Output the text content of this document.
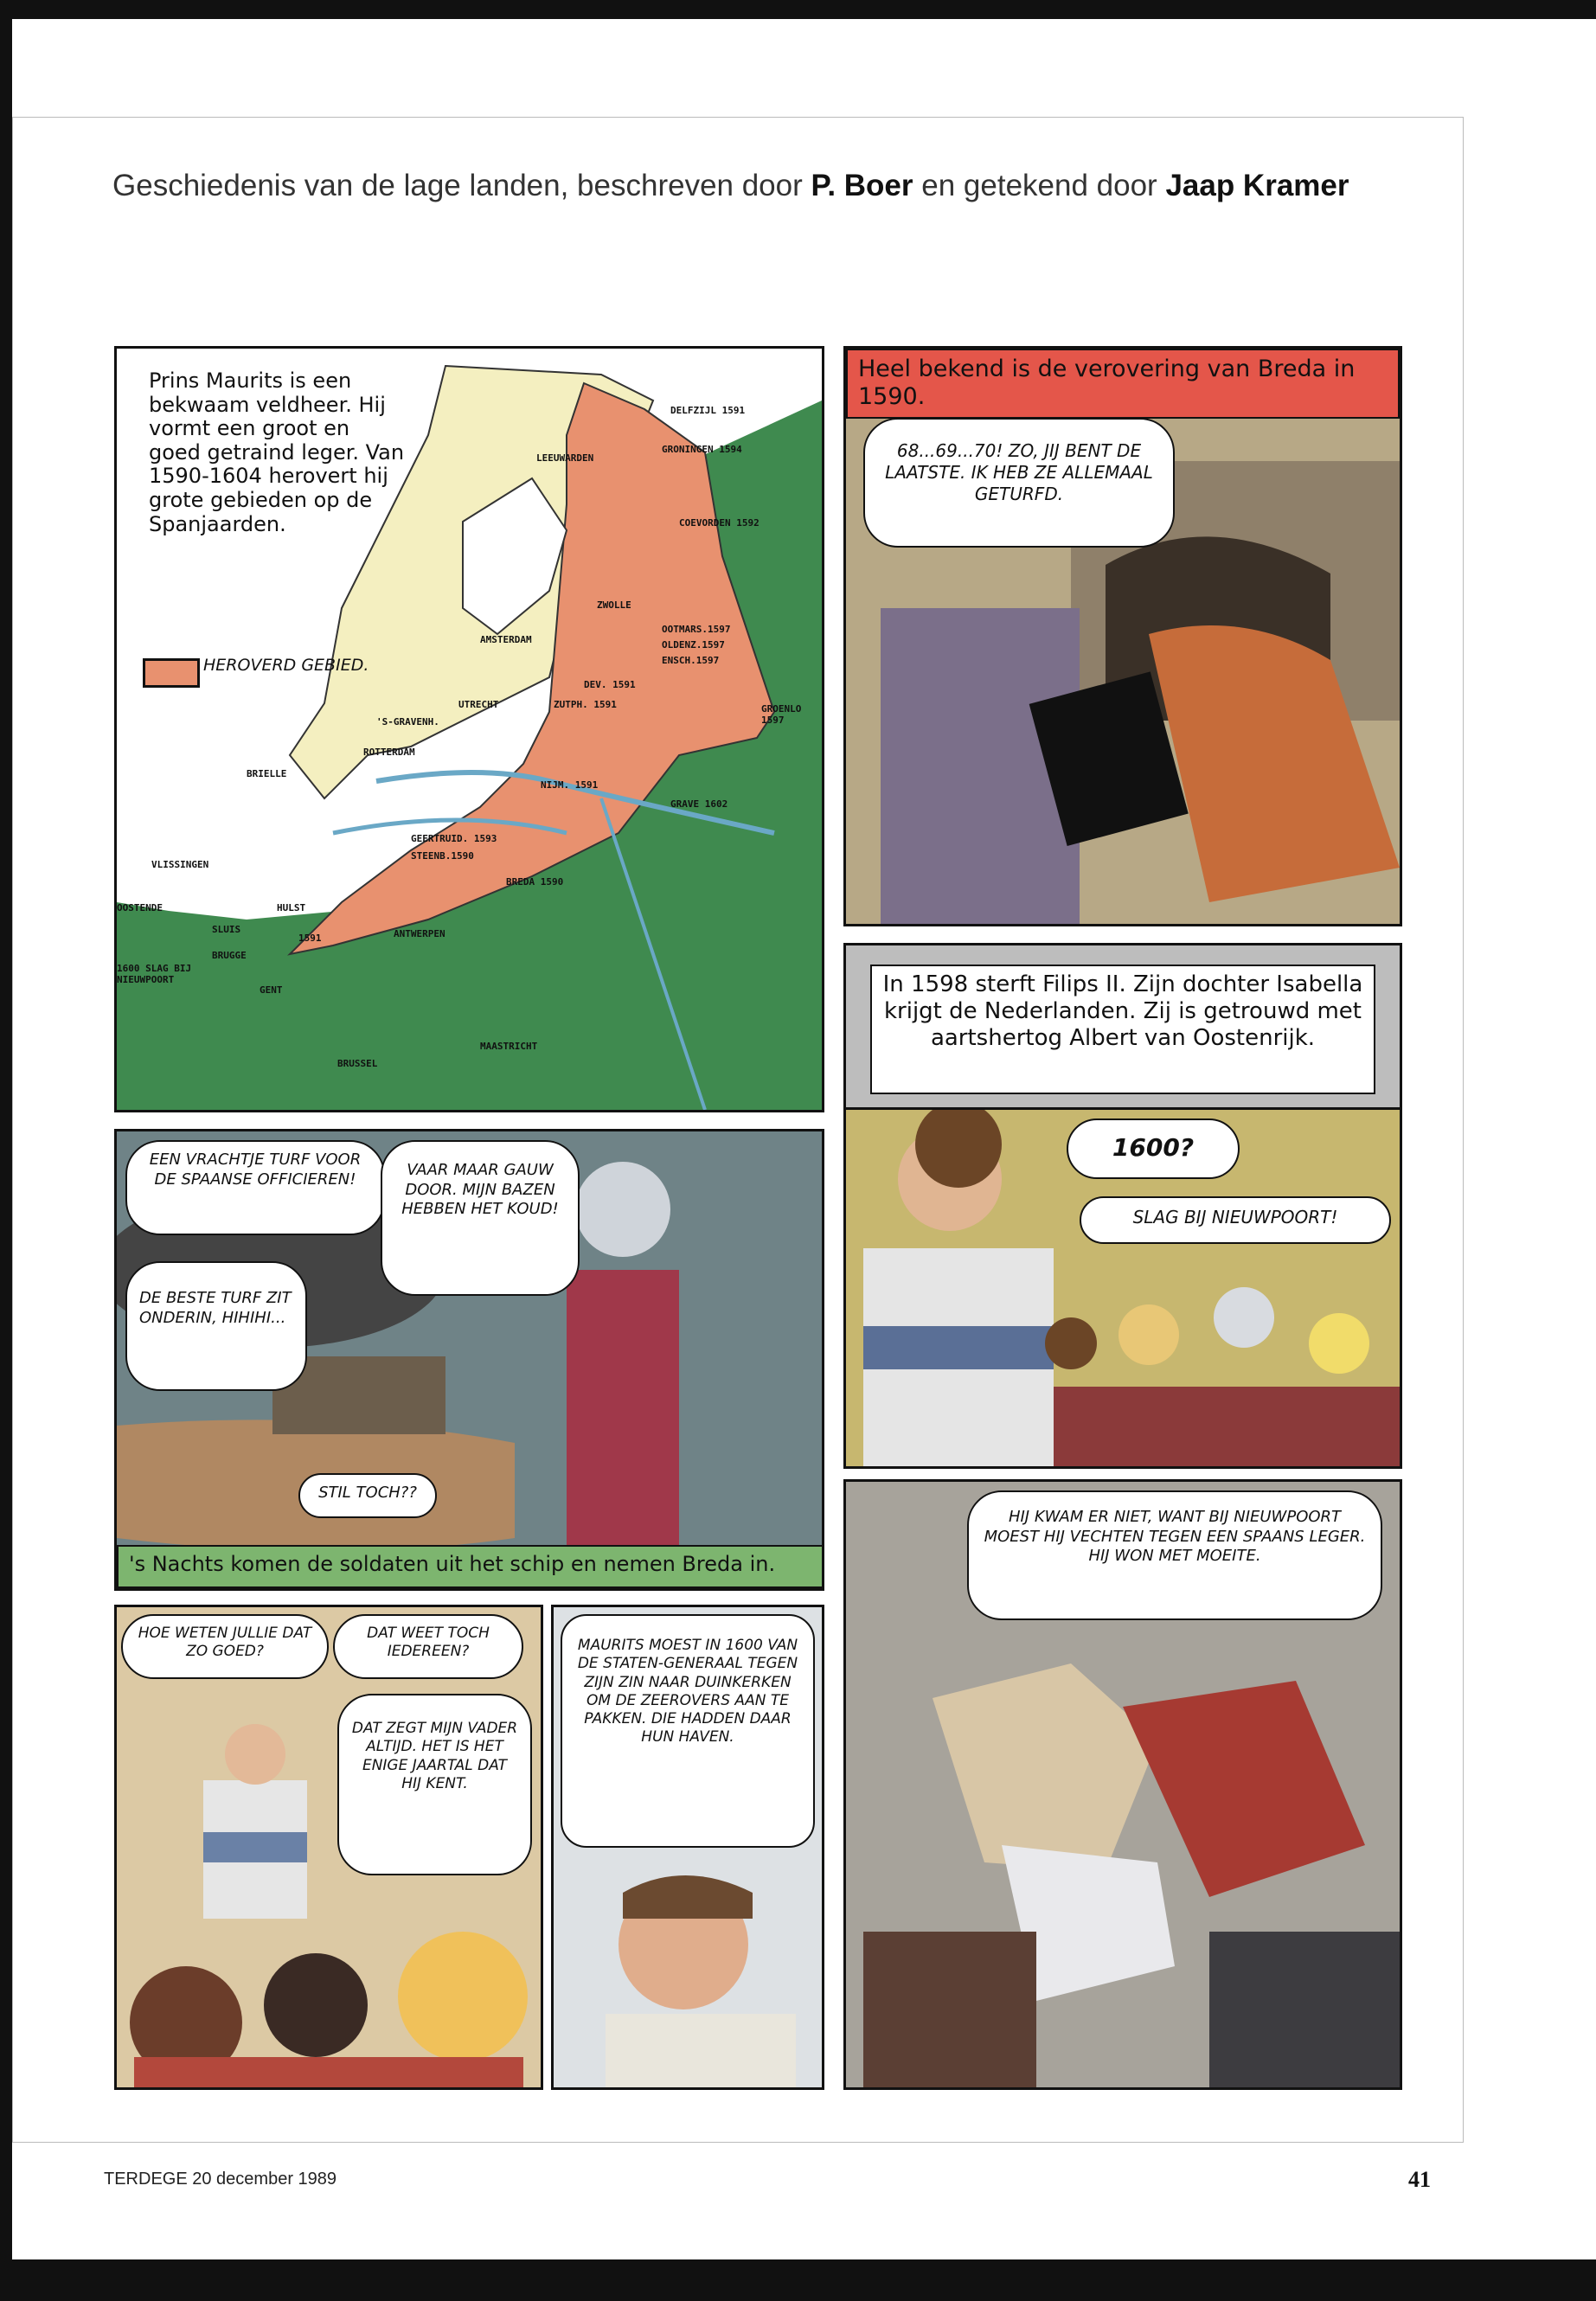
Geschiedenis van de lage landen, beschreven door P. Boer en getekend door Jaap Kramer
Prins Maurits is een bekwaam veldheer. Hij vormt een groot en goed getraind leger. Van 1590-1604 herovert hij grote gebieden op de Spanjaarden.
HEROVERD GEBIED.
DELFZIJL 1591
GRONINGEN 1594
LEEUWARDEN
COEVORDEN 1592
ZWOLLE
AMSTERDAM
OOTMARS.1597
OLDENZ.1597
ENSCH.1597
DEV. 1591
ZUTPH. 1591	GROENLO 1597
UTRECHT
'S-GRAVENH.
ROTTERDAM
BRIELLE
NIJM. 1591
GRAVE 1602
GEERTRUID. 1593
STEENB.1590
BREDA 1590
VLISSINGEN
OOSTENDE	HULST
SLUIS
1591
BRUGGE
ANTWERPEN
1600 SLAG BIJ NIEUWPOORT
GENT
BRUSSEL
MAASTRICHT
Heel bekend is de verovering van Breda in 1590.
68...69...70! ZO, JIJ BENT DE LAATSTE. IK HEB ZE ALLEMAAL GETURFD.
In 1598 sterft Filips II. Zijn dochter Isabella krijgt de Nederlanden. Zij is getrouwd met aartshertog Albert van Oostenrijk.
EEN VRACHTJE TURF VOOR DE SPAANSE OFFICIEREN!	VAAR MAAR GAUW DOOR. MIJN BAZEN HEBBEN HET KOUD!
DE BESTE TURF ZIT ONDERIN, HIHIHI...
STIL TOCH??
's Nachts komen de soldaten uit het schip en nemen Breda in.
1600?
SLAG BIJ NIEUWPOORT!
HIJ KWAM ER NIET, WANT BIJ NIEUWPOORT MOEST HIJ VECHTEN TEGEN EEN SPAANS LEGER. HIJ WON MET MOEITE.
HOE WETEN JULLIE DAT ZO GOED?
DAT WEET TOCH IEDEREEN?
DAT ZEGT MIJN VADER ALTIJD. HET IS HET ENIGE JAARTAL DAT HIJ KENT.
MAURITS MOEST IN 1600 VAN DE STATEN-GENERAAL TEGEN ZIJN ZIN NAAR DUINKERKEN OM DE ZEEROVERS AAN TE PAKKEN. DIE HADDEN DAAR HUN HAVEN.
TERDEGE 20 december 1989	41
